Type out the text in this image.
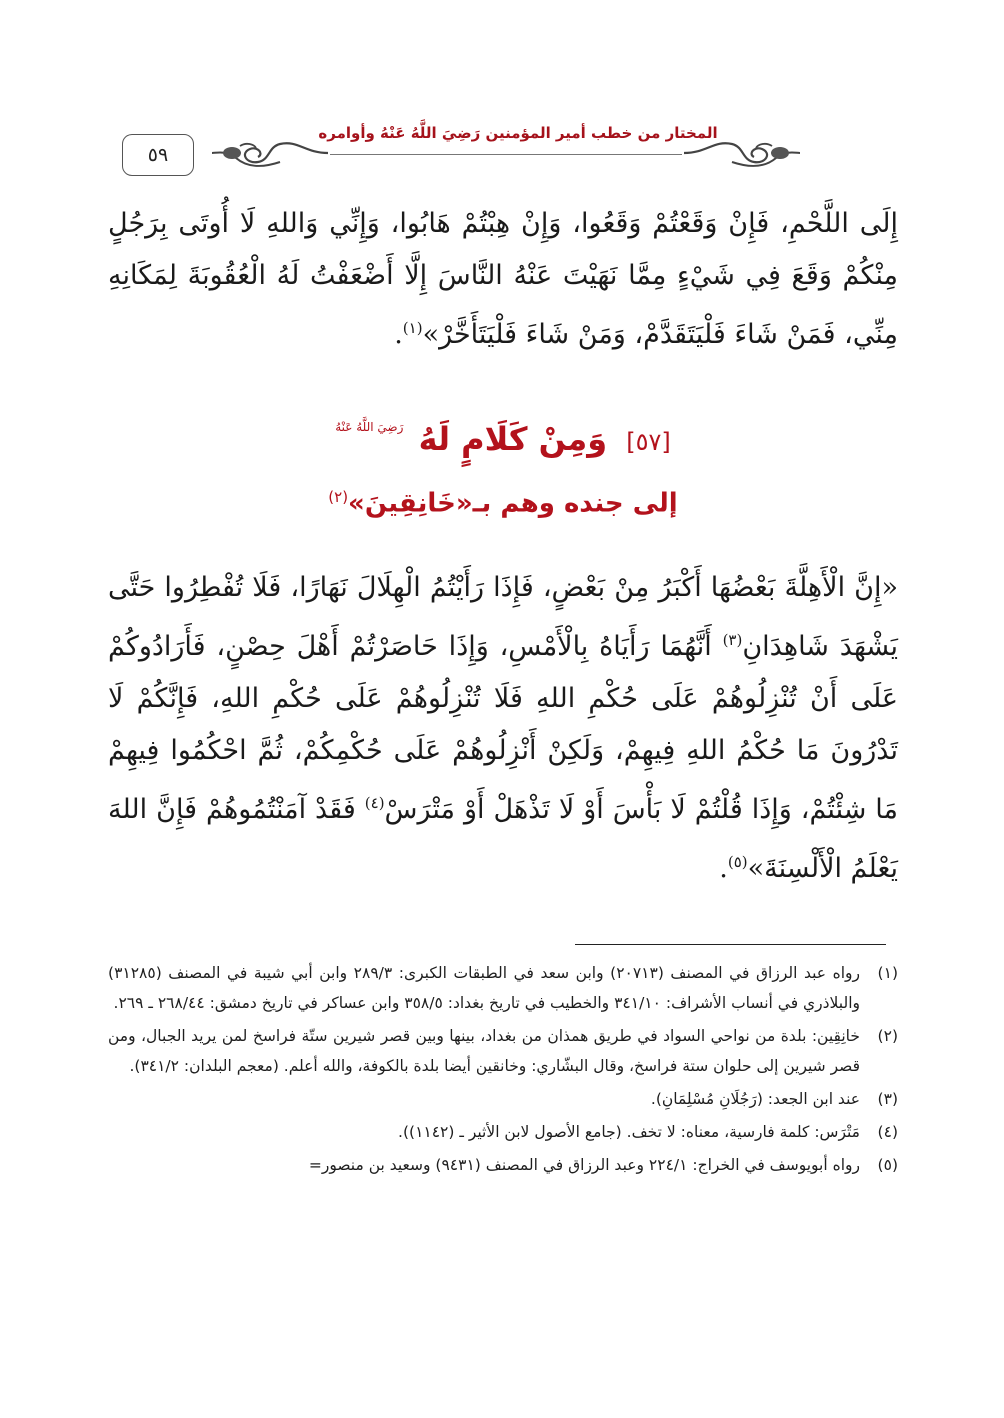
٥٩
المختار من خطب أمير المؤمنين رَضِيَ اللَّهُ عَنْهُ وأوامره
إِلَى اللَّحْمِ، فَإِنْ وَقَعْتُمْ وَقَعُوا، وَإِنْ هِبْتُمْ هَابُوا، وَإِنِّي وَاللهِ لَا أُوتَى بِرَجُلٍ مِنْكُمْ وَقَعَ فِي شَيْءٍ مِمَّا نَهَيْتَ عَنْهُ النَّاسَ إِلَّا أَضْعَفْتُ لَهُ الْعُقُوبَةَ لِمَكَانِهِ مِنِّي، فَمَنْ شَاءَ فَلْيَتَقَدَّمْ، وَمَنْ شَاءَ فَلْيَتَأَخَّرْ»$^{(١)}$.
[٥٧] وَمِنْ كَلَامٍ لَهُ $^{رَضِيَ اللَّهُ عَنْهُ}$
إلى جنده وهم بـ«خَانِقِينَ»$^{(٢)}$
«إِنَّ الْأَهِلَّةَ بَعْضُهَا أَكْبَرُ مِنْ بَعْضٍ، فَإِذَا رَأَيْتُمُ الْهِلَالَ نَهَارًا، فَلَا تُفْطِرُوا حَتَّى يَشْهَدَ شَاهِدَانِ$^{(٣)}$ أَنَّهُمَا رَأَيَاهُ بِالْأَمْسِ، وَإِذَا حَاصَرْتُمْ أَهْلَ حِصْنٍ، فَأَرَادُوكُمْ عَلَى أَنْ تُنْزِلُوهُمْ عَلَى حُكْمِ اللهِ فَلَا تُنْزِلُوهُمْ عَلَى حُكْمِ اللهِ، فَإِنَّكُمْ لَا تَدْرُونَ مَا حُكْمُ اللهِ فِيهِمْ، وَلَكِنْ أَنْزِلُوهُمْ عَلَى حُكْمِكُمْ، ثُمَّ احْكُمُوا فِيهِمْ مَا شِئْتُمْ، وَإِذَا قُلْتُمْ لَا بَأْسَ أَوْ لَا تَذْهَلْ أَوْ مَتْرَسْ$^{(٤)}$ فَقَدْ آمَنْتُمُوهُمْ فَإِنَّ اللهَ يَعْلَمُ الْأَلْسِنَةَ»$^{(٥)}$.
(١)
رواه عبد الرزاق في المصنف (٢٠٧١٣) وابن سعد في الطبقات الكبرى: ٢٨٩/٣ وابن أبي شيبة في المصنف (٣١٢٨٥) والبلاذري في أنساب الأشراف: ٣٤١/١٠ والخطيب في تاريخ بغداد: ٣٥٨/٥ وابن عساكر في تاريخ دمشق: ٢٦٨/٤٤ ـ ٢٦٩.
(٢)
خانِقِين: بلدة من نواحي السواد في طريق همذان من بغداد، بينها وبين قصر شيرين ستّة فراسخ لمن يريد الجبال، ومن قصر شيرين إلى حلوان ستة فراسخ، وقال البشّاري: وخانقين أيضا بلدة بالكوفة، والله أعلم. (معجم البلدان: ٣٤١/٢).
(٣)
عند ابن الجعد: (رَجُلَانِ مُسْلِمَانِ).
(٤)
مَتْرَس: كلمة فارسية، معناه: لا تخف. (جامع الأصول لابن الأثير ـ (١١٤٢)).
(٥)
رواه أبويوسف في الخراج: ٢٢٤/١ وعبد الرزاق في المصنف (٩٤٣١) وسعيد بن منصور=
